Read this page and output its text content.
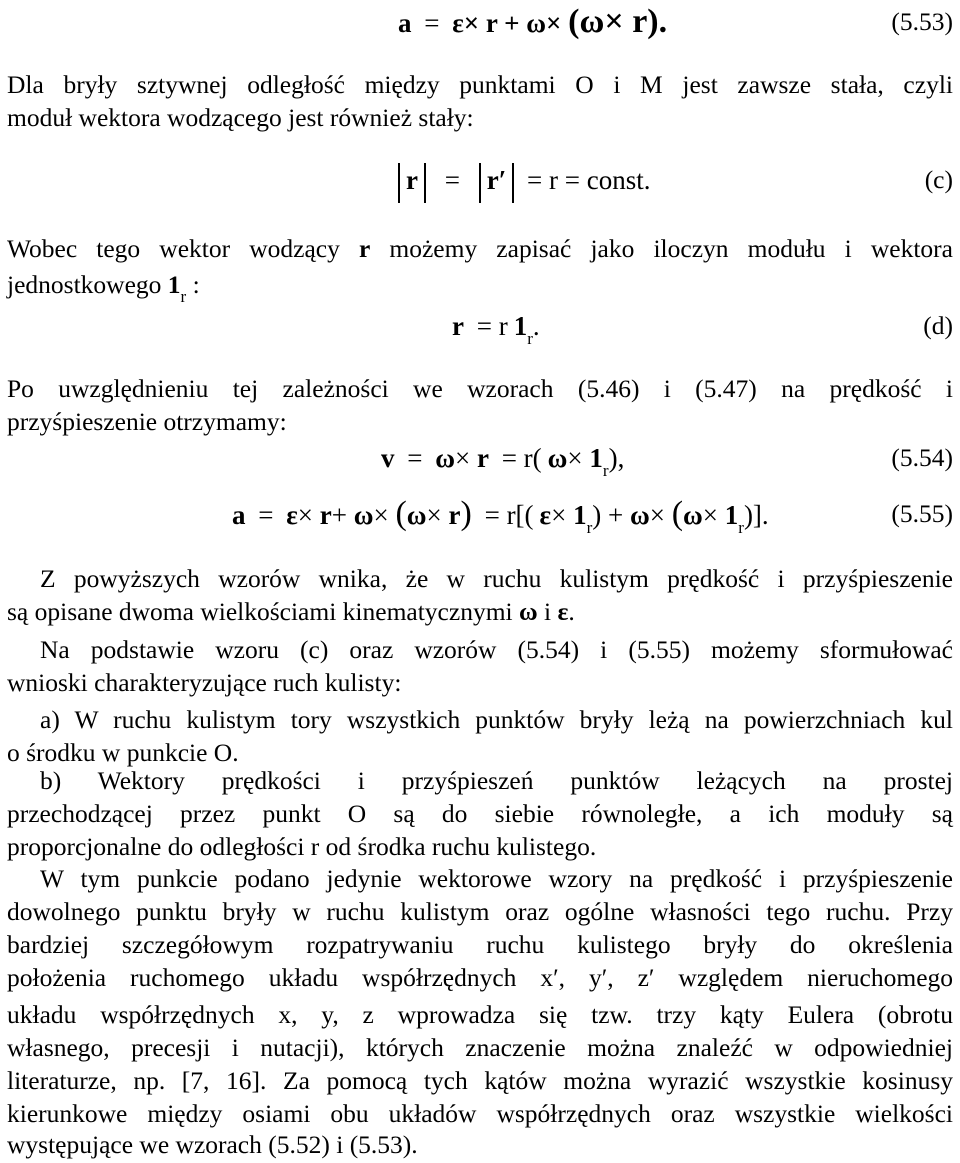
a = ε× r + ω× (ω× r).	(5.53)
Dla bryły sztywnej odległość między punktami O i M jest zawsze stała, czyli
moduł wektora wodzącego jest również stały:
r = r′ = r = const.	(c)
Wobec tego wektor wodzący r możemy zapisać jako iloczyn modułu i wektora
jednostkowego $1_r$ :
r = r $1_r$.	(d)
Po uwzględnieniu tej zależności we wzorach (5.46) i (5.47) na prędkość i
przyśpieszenie otrzymamy:
v = ω× r = r( $\omega\times 1_r$),	(5.54)
a = ε× r+ ω× (ω× r) = r[( $\varepsilon\times 1_r) + \omega\times (\omega\times 1_r)$].	(5.55)
Z powyższych wzorów wnika, że w ruchu kulistym prędkość i przyśpieszenie
są opisane dwoma wielkościami kinematycznymi ω i ε.
Na podstawie wzoru (c) oraz wzorów (5.54) i (5.55) możemy sformułować
wnioski charakteryzujące ruch kulisty:
a) W ruchu kulistym tory wszystkich punktów bryły leżą na powierzchniach kul
o środku w punkcie O.
b) Wektory prędkości i przyśpieszeń punktów leżących na prostej
przechodzącej przez punkt O są do siebie równoległe, a ich moduły są
proporcjonalne do odległości r od środka ruchu kulistego.
W tym punkcie podano jedynie wektorowe wzory na prędkość i przyśpieszenie
dowolnego punktu bryły w ruchu kulistym oraz ogólne własności tego ruchu. Przy
bardziej szczegółowym rozpatrywaniu ruchu kulistego bryły do określenia
położenia ruchomego układu współrzędnych x′, y′, z′ względem nieruchomego
układu współrzędnych x, y, z wprowadza się tzw. trzy kąty Eulera (obrotu
własnego, precesji i nutacji), których znaczenie można znaleźć w odpowiedniej
literaturze, np. [7, 16]. Za pomocą tych kątów można wyrazić wszystkie kosinusy
kierunkowe między osiami obu układów współrzędnych oraz wszystkie wielkości
występujące we wzorach (5.52) i (5.53).
